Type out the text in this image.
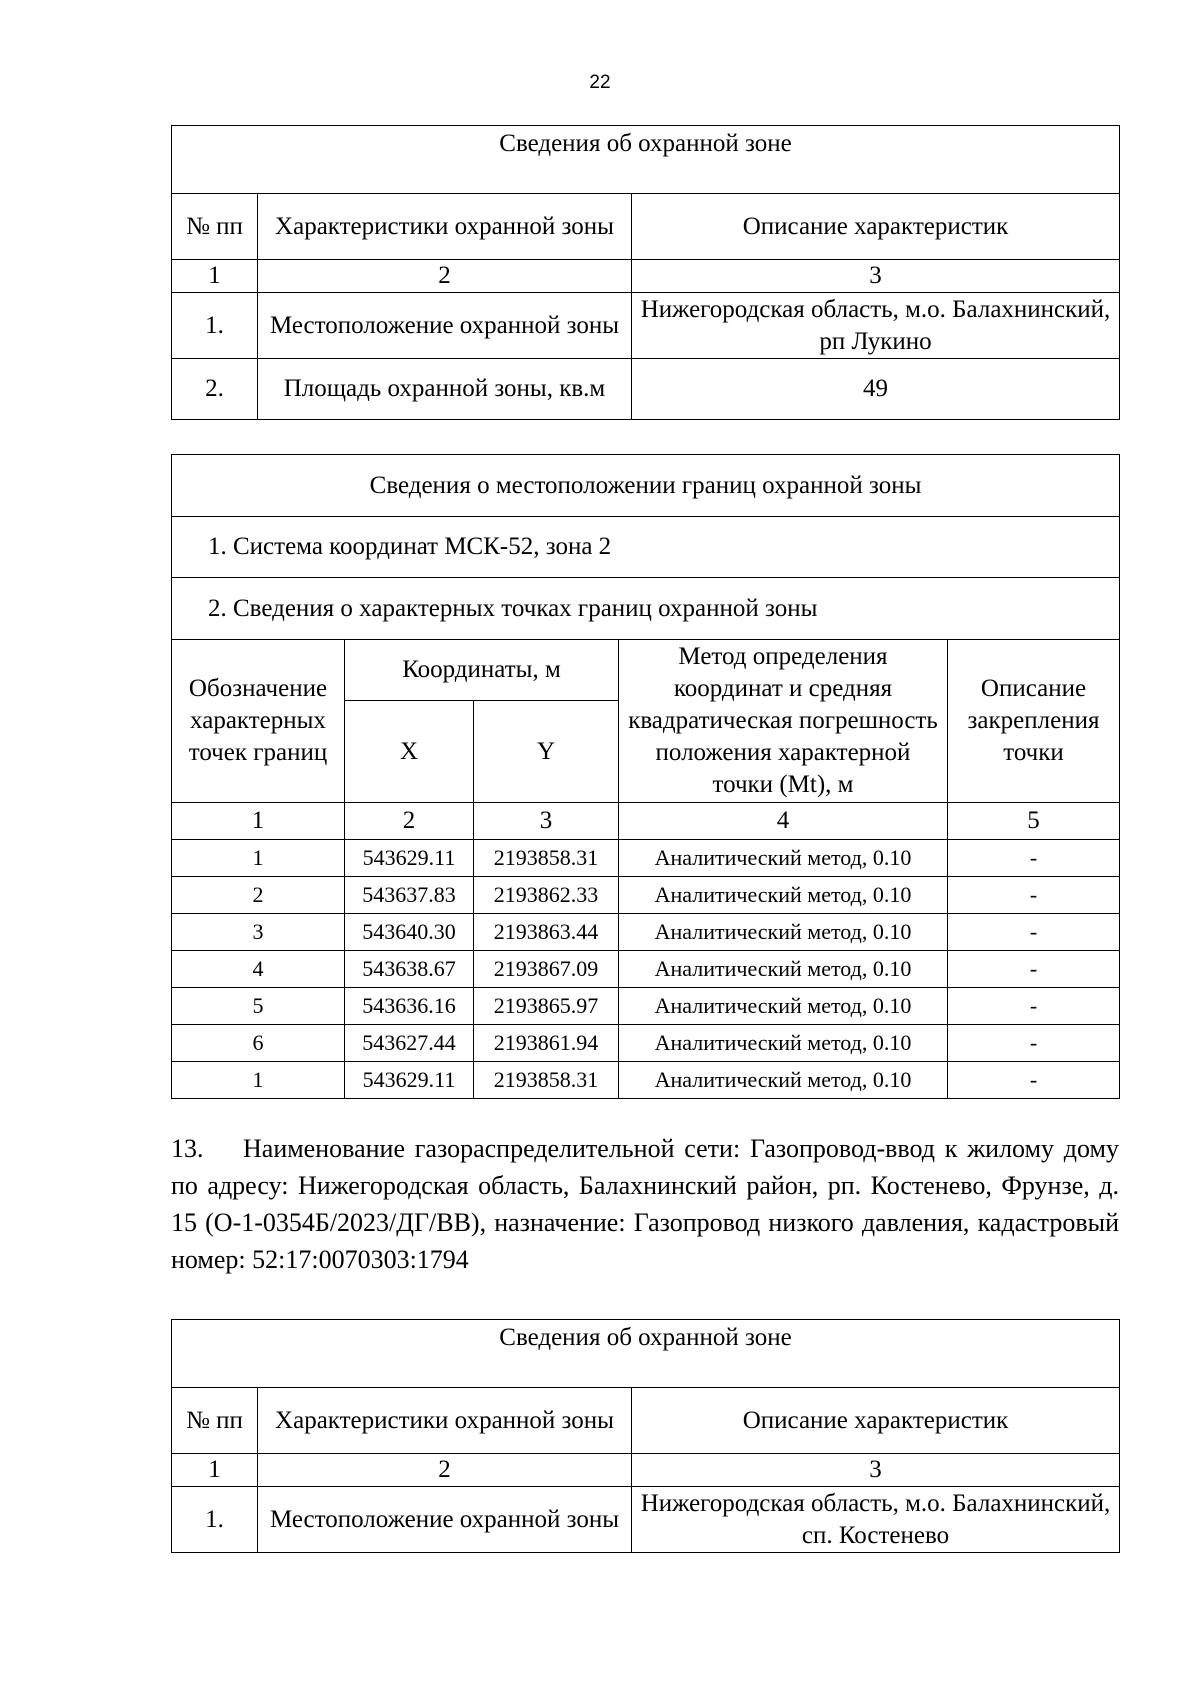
22
Сведения об охранной зоне		
№ пп	Характеристики охранной зоны	Описание характеристик
1	2	3
1.	Местоположение охранной зоны	Нижегородская область, м.о. Балахнинский, рп Лукино
2.	Площадь охранной зоны, кв.м	49
Сведения о местоположении границ охранной зоны				
1. Система координат МСК-52, зона 2				
2. Сведения о характерных точках границ охранной зоны				
Обозначение характерных точек границ	Координаты, м		Метод определения координат и средняя квадратическая погрешность положения характерной точки (Mt), м	Описание закрепления точки
	X	Y		
1	2	3	4	5
1	543629.11	2193858.31	Аналитический метод, 0.10	-
2	543637.83	2193862.33	Аналитический метод, 0.10	-
3	543640.30	2193863.44	Аналитический метод, 0.10	-
4	543638.67	2193867.09	Аналитический метод, 0.10	-
5	543636.16	2193865.97	Аналитический метод, 0.10	-
6	543627.44	2193861.94	Аналитический метод, 0.10	-
1	543629.11	2193858.31	Аналитический метод, 0.10	-
13. Наименование газораспределительной сети: Газопровод-ввод к жилому дому по адресу: Нижегородская область, Балахнинский район, рп. Костенево, Фрунзе, д. 15 (О-1-0354Б/2023/ДГ/ВВ), назначение: Газопровод низкого давления, кадастровый номер: 52:17:0070303:1794
Сведения об охранной зоне		
№ пп	Характеристики охранной зоны	Описание характеристик
1	2	3
1.	Местоположение охранной зоны	Нижегородская область, м.о. Балахнинский, сп. Костенево
